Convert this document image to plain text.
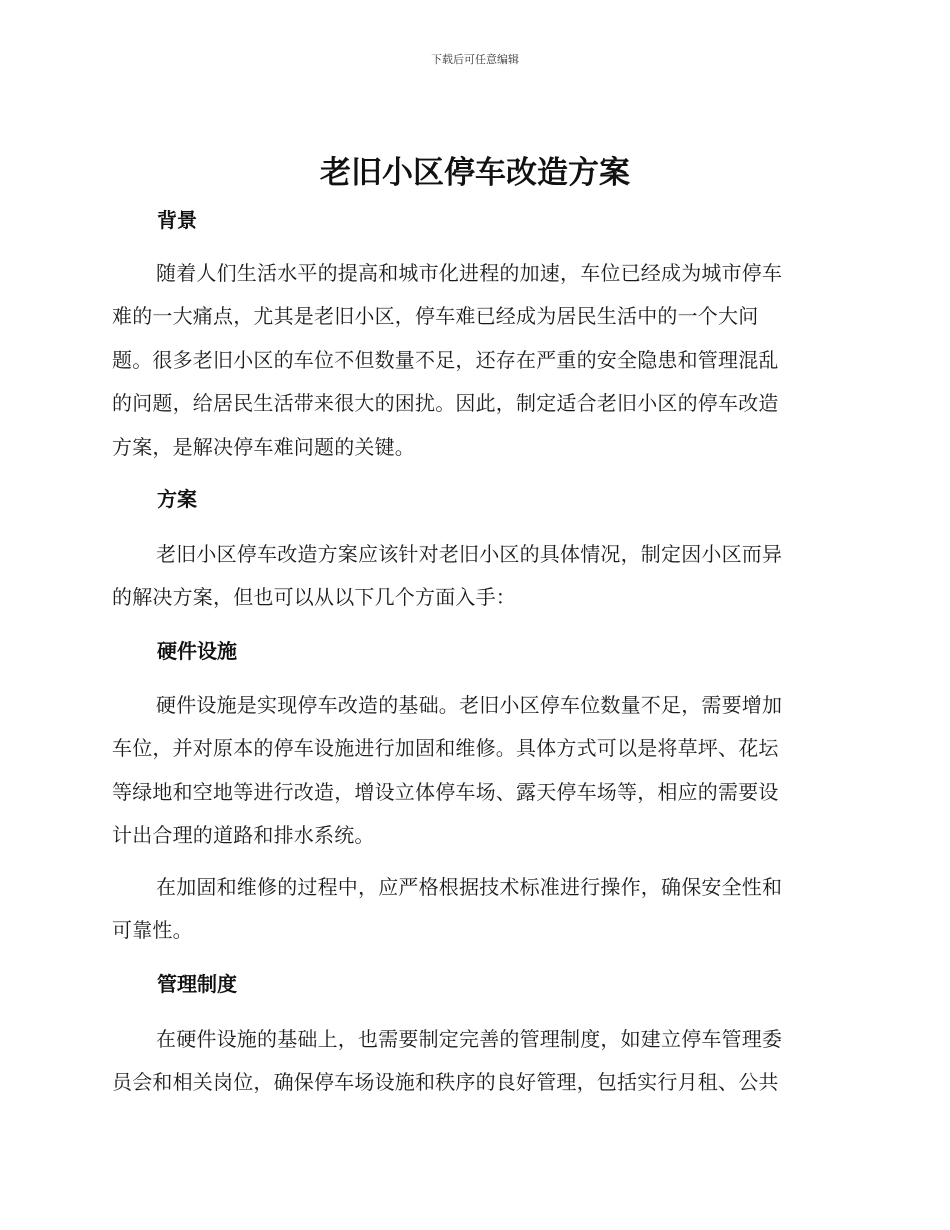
下载后可任意编辑
老旧小区停车改造方案
背景

随着人们生活水平的提高和城市化进程的加速，车位已经成为城市停车
难的一大痛点，尤其是老旧小区，停车难已经成为居民生活中的一个大问
题。很多老旧小区的车位不但数量不足，还存在严重的安全隐患和管理混乱
的问题，给居民生活带来很大的困扰。因此，制定适合老旧小区的停车改造
方案，是解决停车难问题的关键。

方案

老旧小区停车改造方案应该针对老旧小区的具体情况，制定因小区而异
的解决方案，但也可以从以下几个方面入手：

硬件设施

硬件设施是实现停车改造的基础。老旧小区停车位数量不足，需要增加
车位，并对原本的停车设施进行加固和维修。具体方式可以是将草坪、花坛
等绿地和空地等进行改造，增设立体停车场、露天停车场等，相应的需要设
计出合理的道路和排水系统。

在加固和维修的过程中，应严格根据技术标准进行操作，确保安全性和
可靠性。

管理制度

在硬件设施的基础上，也需要制定完善的管理制度，如建立停车管理委
员会和相关岗位，确保停车场设施和秩序的良好管理，包括实行月租、公共
